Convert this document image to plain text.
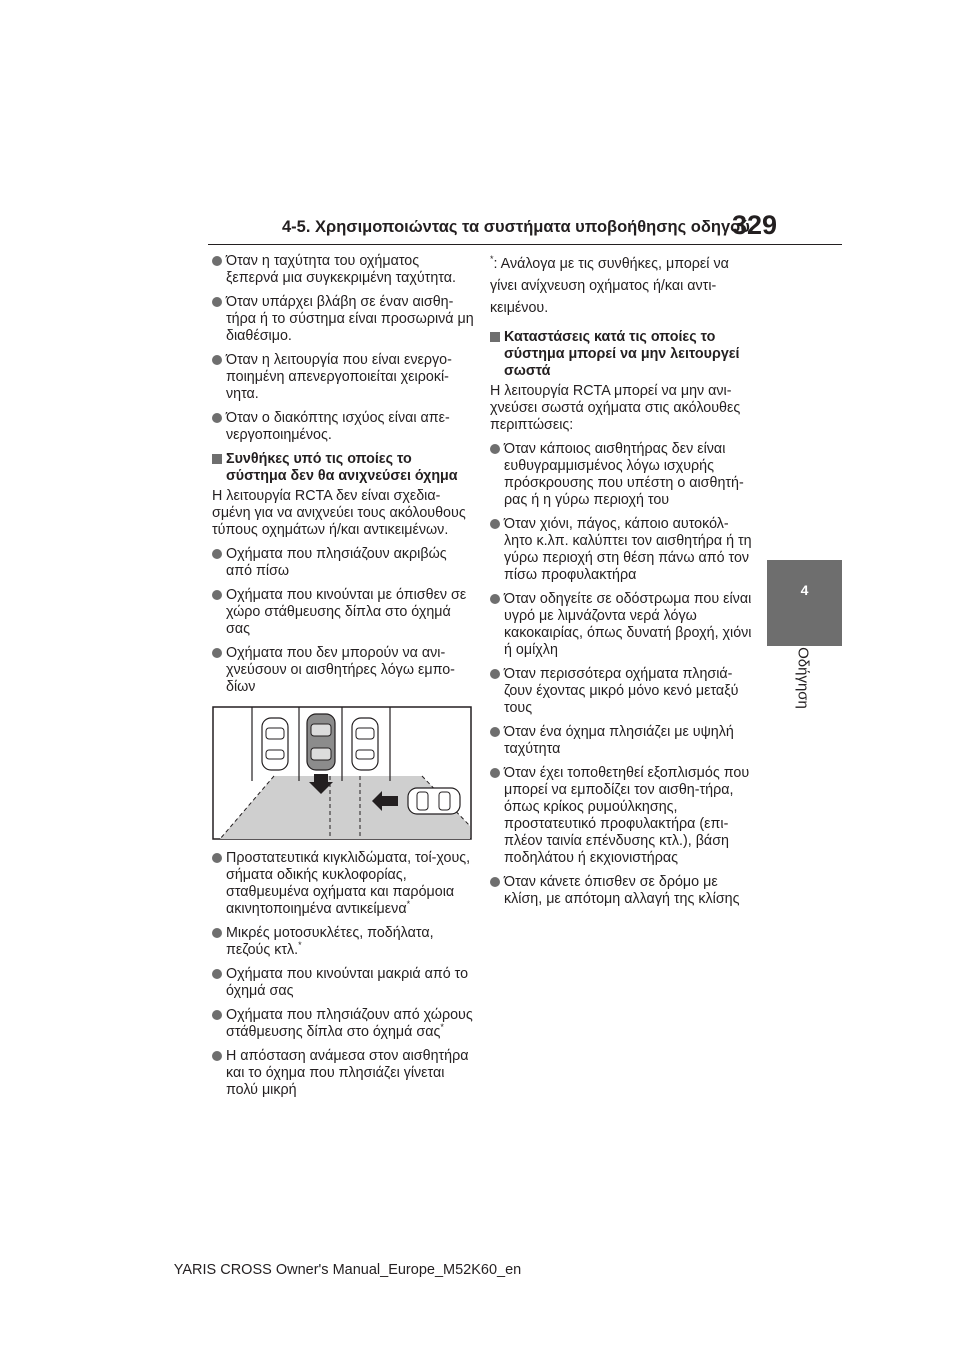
4-5. Χρησιμοποιώντας τα συστήματα υποβοήθησης οδηγού
329
4
Οδήγηση
Όταν η ταχύτητα του οχήματος ξεπερνά μια συγκεκριμένη ταχύτητα.
Όταν υπάρχει βλάβη σε έναν αισθη-τήρα ή το σύστημα είναι προσωρινά μη διαθέσιμο.
Όταν η λειτουργία που είναι ενεργο-ποιημένη απενεργοποιείται χειροκί-νητα.
Όταν ο διακόπτης ισχύος είναι απε-νεργοποιημένος.
Συνθήκες υπό τις οποίες το σύστημα δεν θα ανιχνεύσει όχημα
Η λειτουργία RCTA δεν είναι σχεδια-σμένη για να ανιχνεύει τους ακόλουθους τύπους οχημάτων ή/και αντικειμένων.
Οχήματα που πλησιάζουν ακριβώς από πίσω
Οχήματα που κινούνται με όπισθεν σε χώρο στάθμευσης δίπλα στο όχημά σας
Οχήματα που δεν μπορούν να ανι-χνεύσουν οι αισθητήρες λόγω εμπο-δίων
Προστατευτικά κιγκλιδώματα, τοί-χους, σήματα οδικής κυκλοφορίας, σταθμευμένα οχήματα και παρόμοια ακινητοποιημένα αντικείμενα*
Μικρές μοτοσυκλέτες, ποδήλατα, πεζούς κτλ.*
Οχήματα που κινούνται μακριά από το όχημά σας
Οχήματα που πλησιάζουν από χώρους στάθμευσης δίπλα στο όχημά σας*
Η απόσταση ανάμεσα στον αισθητήρα και το όχημα που πλησιάζει γίνεται πολύ μικρή
*: Ανάλογα με τις συνθήκες, μπορεί να γίνει ανίχνευση οχήματος ή/και αντι-κειμένου.
Καταστάσεις κατά τις οποίες το σύστημα μπορεί να μην λειτουργεί σωστά
Η λειτουργία RCTA μπορεί να μην ανι-χνεύσει σωστά οχήματα στις ακόλουθες περιπτώσεις:
Όταν κάποιος αισθητήρας δεν είναι ευθυγραμμισμένος λόγω ισχυρής πρόσκρουσης που υπέστη ο αισθητή-ρας ή η γύρω περιοχή του
Όταν χιόνι, πάγος, κάποιο αυτοκόλ-λητο κ.λπ. καλύπτει τον αισθητήρα ή τη γύρω περιοχή στη θέση πάνω από τον πίσω προφυλακτήρα
Όταν οδηγείτε σε οδόστρωμα που είναι υγρό με λιμνάζοντα νερά λόγω κακοκαιρίας, όπως δυνατή βροχή, χιόνι ή ομίχλη
Όταν περισσότερα οχήματα πλησιά-ζουν έχοντας μικρό μόνο κενό μεταξύ τους
Όταν ένα όχημα πλησιάζει με υψηλή ταχύτητα
Όταν έχει τοποθετηθεί εξοπλισμός που μπορεί να εμποδίζει τον αισθη-τήρα, όπως κρίκος ρυμούλκησης, προστατευτικό προφυλακτήρα (επι-πλέον ταινία επένδυσης κτλ.), βάση ποδηλάτου ή εκχιονιστήρας
Όταν κάνετε όπισθεν σε δρόμο με κλίση, με απότομη αλλαγή της κλίσης
YARIS CROSS Owner's Manual_Europe_M52K60_en
